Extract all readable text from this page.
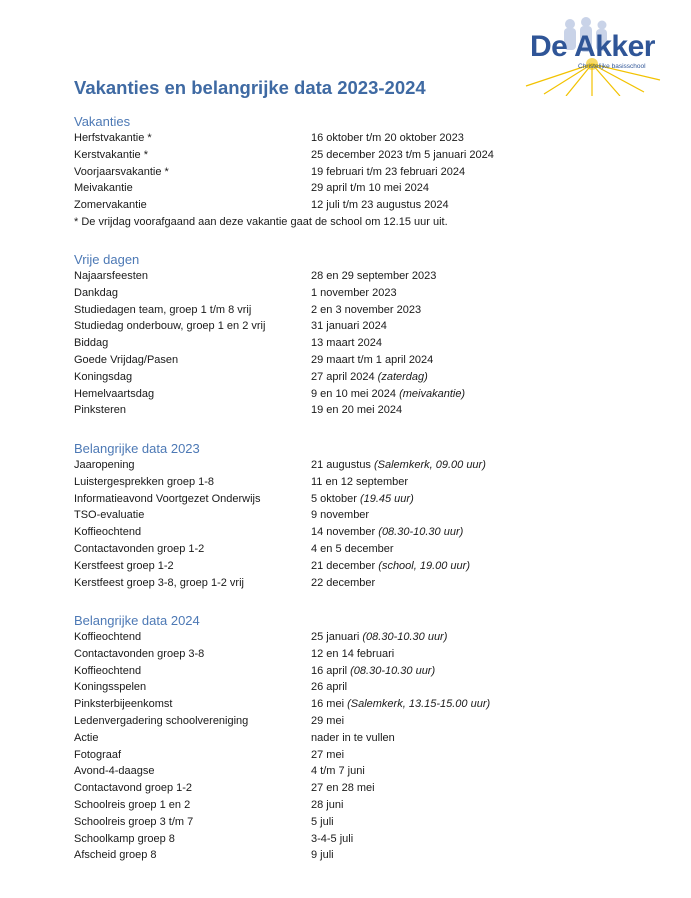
De Akker
Christelijke basisschool
Vakanties en belangrijke data 2023-2024
Vakanties
Herfstvakantie *	16 oktober t/m 20 oktober 2023
Kerstvakantie *	25 december 2023 t/m 5 januari 2024
Voorjaarsvakantie *	19 februari t/m 23 februari 2024
Meivakantie	29 april t/m 10 mei 2024
Zomervakantie	12 juli t/m 23 augustus 2024
* De vrijdag voorafgaand aan deze vakantie gaat de school om 12.15 uur uit.
Vrije dagen
Najaarsfeesten	28 en 29 september 2023
Dankdag	1 november 2023
Studiedagen team, groep 1 t/m 8 vrij	2 en 3 november 2023
Studiedag onderbouw, groep 1 en 2 vrij	31 januari 2024
Biddag	13 maart 2024
Goede Vrijdag/Pasen	29 maart t/m 1 april 2024
Koningsdag	27 april 2024 (zaterdag)
Hemelvaartsdag	9 en 10 mei 2024 (meivakantie)
Pinksteren	19 en 20 mei 2024
Belangrijke data 2023
Jaaropening	21 augustus (Salemkerk, 09.00 uur)
Luistergesprekken groep 1-8	11 en 12 september
Informatieavond Voortgezet Onderwijs	5 oktober (19.45 uur)
TSO-evaluatie	9 november
Koffieochtend	14 november (08.30-10.30 uur)
Contactavonden groep 1-2	4 en 5 december
Kerstfeest groep 1-2	21 december (school, 19.00 uur)
Kerstfeest groep 3-8, groep 1-2 vrij	22 december
Belangrijke data 2024
Koffieochtend	25 januari (08.30-10.30 uur)
Contactavonden groep 3-8	12 en 14 februari
Koffieochtend	16 april (08.30-10.30 uur)
Koningsspelen	26 april
Pinksterbijeenkomst	16 mei (Salemkerk, 13.15-15.00 uur)
Ledenvergadering schoolvereniging	29 mei
Actie	nader in te vullen
Fotograaf	27 mei
Avond-4-daagse	4 t/m 7 juni
Contactavond groep 1-2	27 en 28 mei
Schoolreis groep 1 en 2	28 juni
Schoolreis groep 3 t/m 7	5 juli
Schoolkamp groep 8	3-4-5 juli
Afscheid groep 8	9 juli
